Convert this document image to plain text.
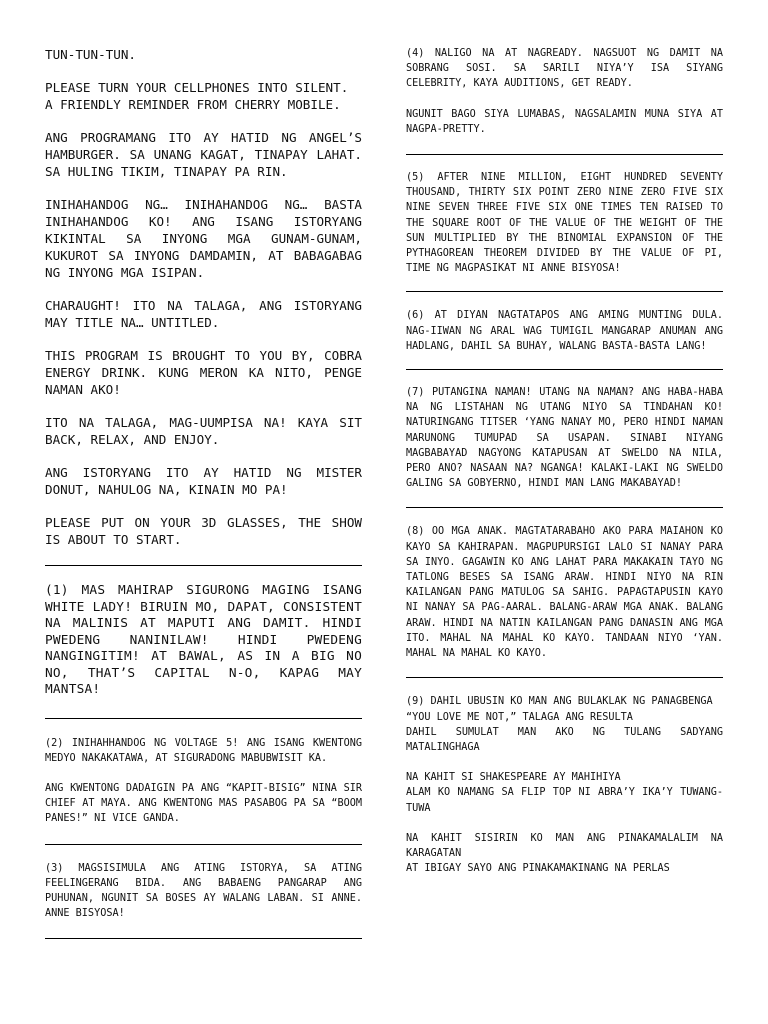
TUN-TUN-TUN.

PLEASE TURN YOUR CELLPHONES INTO SILENT.
A FRIENDLY REMINDER FROM CHERRY MOBILE.

ANG PROGRAMANG ITO AY HATID NG ANGEL’S HAMBURGER. SA UNANG KAGAT, TINAPAY LAHAT. SA HULING TIKIM, TINAPAY PA RIN.

INIHAHANDOG NG… INIHAHANDOG NG… BASTA INIHAHANDOG KO! ANG ISANG ISTORYANG KIKINTAL SA INYONG MGA GUNAM-GUNAM, KUKUROT SA INYONG DAMDAMIN, AT BABAGABAG NG INYONG MGA ISIPAN.

CHARAUGHT! ITO NA TALAGA, ANG ISTORYANG MAY TITLE NA… UNTITLED.

THIS PROGRAM IS BROUGHT TO YOU BY, COBRA ENERGY DRINK. KUNG MERON KA NITO, PENGE NAMAN AKO!

ITO NA TALAGA, MAG-UUMPISA NA! KAYA SIT BACK, RELAX, AND ENJOY.

ANG ISTORYANG ITO AY HATID NG MISTER DONUT, NAHULOG NA, KINAIN MO PA!

PLEASE PUT ON YOUR 3D GLASSES, THE SHOW IS ABOUT TO START.

(1) MAS MAHIRAP SIGURONG MAGING ISANG WHITE LADY! BIRUIN MO, DAPAT, CONSISTENT NA MALINIS AT MAPUTI ANG DAMIT. HINDI PWEDENG NANINILAW! HINDI PWEDENG NANGINGITIM! AT BAWAL, AS IN A BIG NO NO, THAT’S CAPITAL N-O, KAPAG MAY MANTSA!

(2) INIHAHHANDOG NG VOLTAGE 5! ANG ISANG KWENTONG MEDYO NAKAKATAWA, AT SIGURADONG MABUBWISIT KA.

ANG KWENTONG DADAIGIN PA ANG “KAPIT-BISIG” NINA SIR CHIEF AT MAYA. ANG KWENTONG MAS PASABOG PA SA “BOOM PANES!” NI VICE GANDA.

(3) MAGSISIMULA ANG ATING ISTORYA, SA ATING FEELINGERANG BIDA. ANG BABAENG PANGARAP ANG PUHUNAN, NGUNIT SA BOSES AY WALANG LABAN. SI ANNE. ANNE BISYOSA!

(4) NALIGO NA AT NAGREADY. NAGSUOT NG DAMIT NA SOBRANG SOSI. SA SARILI NIYA’Y ISA SIYANG CELEBRITY, KAYA AUDITIONS, GET READY.

NGUNIT BAGO SIYA LUMABAS, NAGSALAMIN MUNA SIYA AT NAGPA-PRETTY.

(5) AFTER NINE MILLION, EIGHT HUNDRED SEVENTY THOUSAND, THIRTY SIX POINT ZERO NINE ZERO FIVE SIX NINE SEVEN THREE FIVE SIX ONE TIMES TEN RAISED TO THE SQUARE ROOT OF THE VALUE OF THE WEIGHT OF THE SUN MULTIPLIED BY THE BINOMIAL EXPANSION OF THE PYTHAGOREAN THEOREM DIVIDED BY THE VALUE OF PI, TIME NG MAGPASIKAT NI ANNE BISYOSA!

(6) AT DIYAN NAGTATAPOS ANG AMING MUNTING DULA. NAG-IIWAN NG ARAL WAG TUMIGIL MANGARAP ANUMAN ANG HADLANG, DAHIL SA BUHAY, WALANG BASTA-BASTA LANG!

(7) PUTANGINA NAMAN! UTANG NA NAMAN? ANG HABA-HABA NA NG LISTAHAN NG UTANG NIYO SA TINDAHAN KO! NATURINGANG TITSER ‘YANG NANAY MO, PERO HINDI NAMAN MARUNONG TUMUPAD SA USAPAN. SINABI NIYANG MAGBABAYAD NAGYONG KATAPUSAN AT SWELDO NA NILA, PERO ANO? NASAAN NA? NGANGA! KALAKI-LAKI NG SWELDO GALING SA GOBYERNO, HINDI MAN LANG MAKABAYAD!

(8) OO MGA ANAK. MAGTATARABAHO AKO PARA MAIAHON KO KAYO SA KAHIRAPAN. MAGPUPURSIGI LALO SI NANAY PARA SA INYO. GAGAWIN KO ANG LAHAT PARA MAKAKAIN TAYO NG TATLONG BESES SA ISANG ARAW. HINDI NIYO NA RIN KAILANGAN PANG MATULOG SA SAHIG. PAPAGTAPUSIN KAYO NI NANAY SA PAG-AARAL. BALANG-ARAW MGA ANAK. BALANG ARAW. HINDI NA NATIN KAILANGAN PANG DANASIN ANG MGA ITO. MAHAL NA MAHAL KO KAYO. TANDAAN NIYO ‘YAN. MAHAL NA MAHAL KO KAYO.

(9) DAHIL UBUSIN KO MAN ANG BULAKLAK NG PANAGBENGA
“YOU LOVE ME NOT,” TALAGA ANG RESULTA
DAHIL SUMULAT MAN AKO NG TULANG SADYANG MATALINGHAGA

NA KAHIT SI SHAKESPEARE AY MAHIHIYA
ALAM KO NAMANG SA FLIP TOP NI ABRA’Y IKA’Y TUWANG-TUWA

NA KAHIT SISIRIN KO MAN ANG PINAKAMALALIM NA KARAGATAN
AT IBIGAY SAYO ANG PINAKAMAKINANG NA PERLAS
